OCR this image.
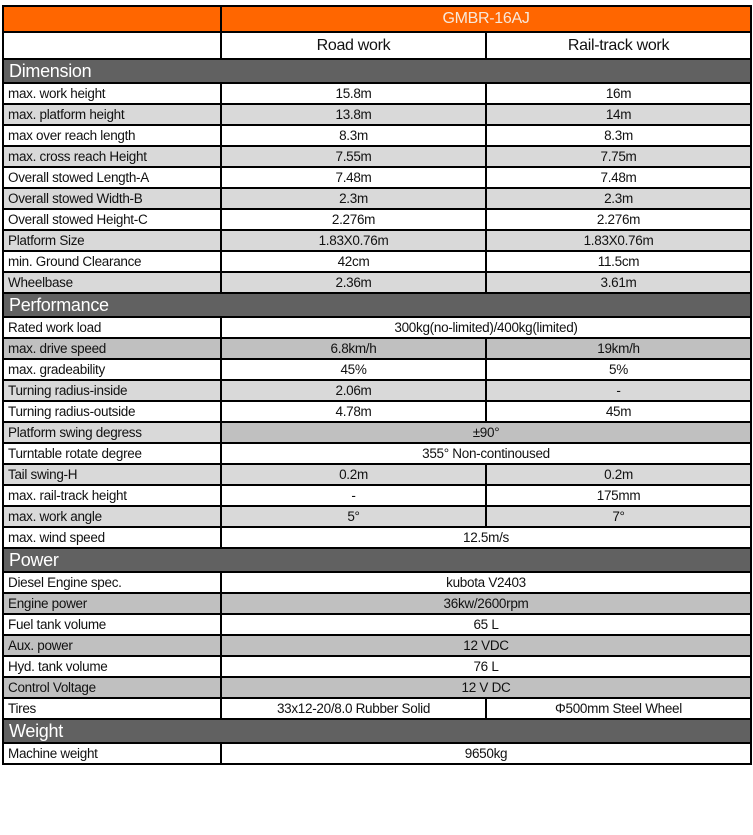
	GMBR-16AJ	
	Road work	Rail-track work
Dimension		
max. work height	15.8m	16m
max. platform height	13.8m	14m
max over reach length	8.3m	8.3m
max. cross reach Height	7.55m	7.75m
Overall stowed Length-A	7.48m	7.48m
Overall stowed Width-B	2.3m	2.3m
Overall stowed Height-C	2.276m	2.276m
Platform Size	1.83X0.76m	1.83X0.76m
min. Ground Clearance	42cm	11.5cm
Wheelbase	2.36m	3.61m
Performance		
Rated work load	300kg(no-limited)/400kg(limited)	
max. drive speed	6.8km/h	19km/h
max. gradeability	45%	5%
Turning radius-inside	2.06m	-
Turning radius-outside	4.78m	45m
Platform swing degress	±90°	
Turntable rotate degree	355° Non-continoused	
Tail swing-H	0.2m	0.2m
max. rail-track height	-	175mm
max. work angle	5°	7°
max. wind speed	12.5m/s	
Power		
Diesel Engine spec.	kubota V2403	
Engine power	36kw/2600rpm	
Fuel tank volume	65 L	
Aux. power	12 VDC	
Hyd. tank volume	76 L	
Control Voltage	12 V DC	
Tires	33x12-20/8.0 Rubber Solid	Φ500mm Steel Wheel
Weight		
Machine weight	9650kg	
